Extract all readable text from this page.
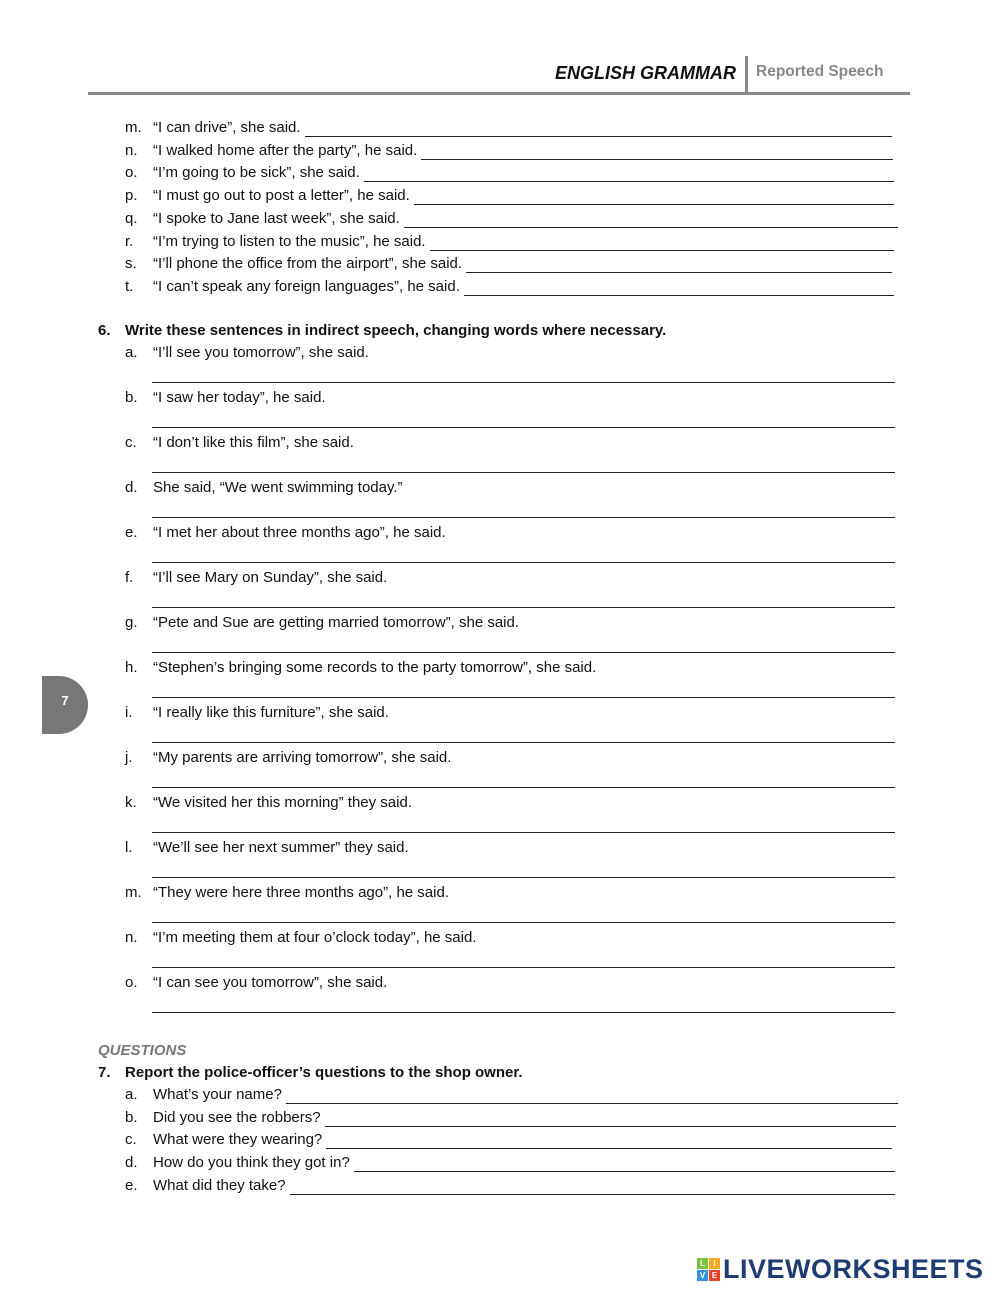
ENGLISH GRAMMAR Reported Speech
m. “I can drive”, she said.
n.	“I walked home after the party”, he said.
o.	“I’m going to be sick”, she said.
p.	“I must go out to post a letter”, he said.
q.	“I spoke to Jane last week”, she said.
r.	“I’m trying to listen to the music”, he said.
s.	“I’ll phone the office from the airport”, she said.
t.	“I can’t speak any foreign languages”, he said.
6. Write these sentences in indirect speech, changing words where necessary.
a.	“I’ll see you tomorrow”, she said.
b.	“I saw her today”, he said.
c.	“I don’t like this film”, she said.
d.	She said, “We went swimming today.”
e.	“I met her about three months ago”, he said.
f.	“I’ll see Mary on Sunday”, she said.
g.	“Pete and Sue are getting married tomorrow”, she said.
h.	“Stephen’s bringing some records to the party tomorrow”, she said.
i.	“I really like this furniture”, she said.
j.	“My parents are arriving tomorrow”, she said.
k.	“We visited her this morning” they said.
l.	“We’ll see her next summer” they said.
m. “They were here three months ago”, he said.
n.	“I’m meeting them at four o’clock today”, he said.
o.	“I can see you tomorrow”, she said.
QUESTIONS
7. Report the police-officer’s questions to the shop owner.
a.	What’s your name?
b.	Did you see the robbers?
c.	What were they wearing?
d.	How do you think they got in?
e.	What did they take?
7
L	I
V E LIVEWORKSHEETS
